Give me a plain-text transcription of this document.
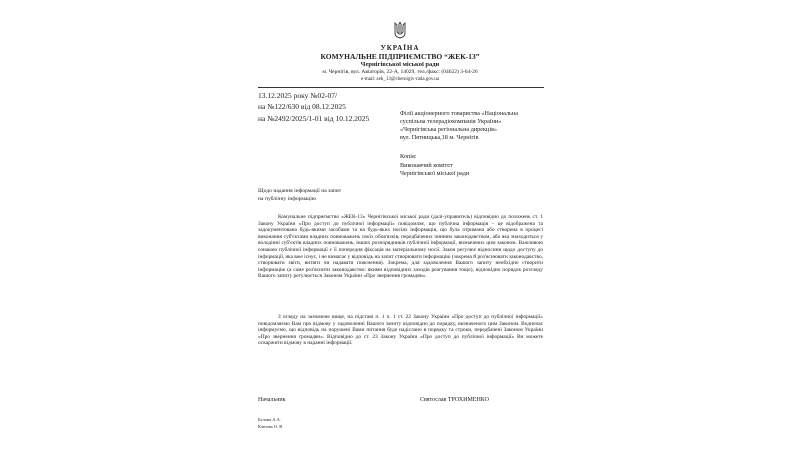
УКРАЇНА
КОМУНАЛЬНЕ ПІДПРИЄМСТВО “ЖЕК-13”
Чернігівської міської ради
м. Чернігів, вул. Авіаторів, 22-А, 14029, тел./факс: (04622) 3-64-26
e-mail: zek_13@chernigiv-rada.gov.ua
13.12.2025 року №02-07/
на №122/630 від 08.12.2025
на №2492/2025/1-01 від 10.12.2025
Філії акціонерного товариства «Національна
суспільна телерадіокомпанія України»
«Чернігівська регіональна дирекція»
вул. Пятницька,18 м. Чернігів
Копія:
Виконавчий комітет
Чернігівської міської ради
Щодо надання інформації на запит
на публічну інформацію
Комунальне підприємство «ЖЕК-13» Чернігівської міської ради (далі-управитель) відповідно до положень ст. 1 Закону України «Про доступ до публічної інформації» повідомляє, що публічна інформація – це відображена та задокументована будь-якими засобами та на будь-яких носіях інформація, що була отримана або створена в процесі виконання суб'єктами владних повноважень своїх обов'язків, передбачених чинним законодавством, або яка знаходиться у володінні суб'єктів владних повноважень, інших розпорядників публічної інформації, визначених цим законом. Важливою ознакою публічної інформації є її попередня фіксація на матеріальному носії. Закон регулює відносини щодо доступу до інформації, яка вже існує, і не вимагає у відповідь на запит створювати інформацію (зокрема й роз'яснювати законодавство, створювати звіти, витяги чи надавати пояснення). Зокрема, для задоволення Вашого запиту необхідно створити інформацію (а саме роз'яснити законодавство: якими відповідних заходів реагування тощо), відповідно порядок розгляду Вашого запиту регулюється Законом України «Про звернення громадян».
З огляду на зазначене вище, на підставі п. 1 ч. 1 ст. 22 Закону України «Про доступ до публічної інформації» повідомляємо Вам про відмову у задоволенні Вашого запиту відповідно до порядку, визначеного цим Законом. Водночас інформуємо, що відповідь на порушені Вами питання буде надіслано в порядку та строки, передбачені Законом України «Про звернення громадян». Відповідно до ст. 23 Закону України «Про доступ до публічної інформації» Ви можете оскаржити відмову в наданні інформації.
Начальник	Святослав ТРОХИМЕНКО
Бєлова А.А.
Клюєва О. В
